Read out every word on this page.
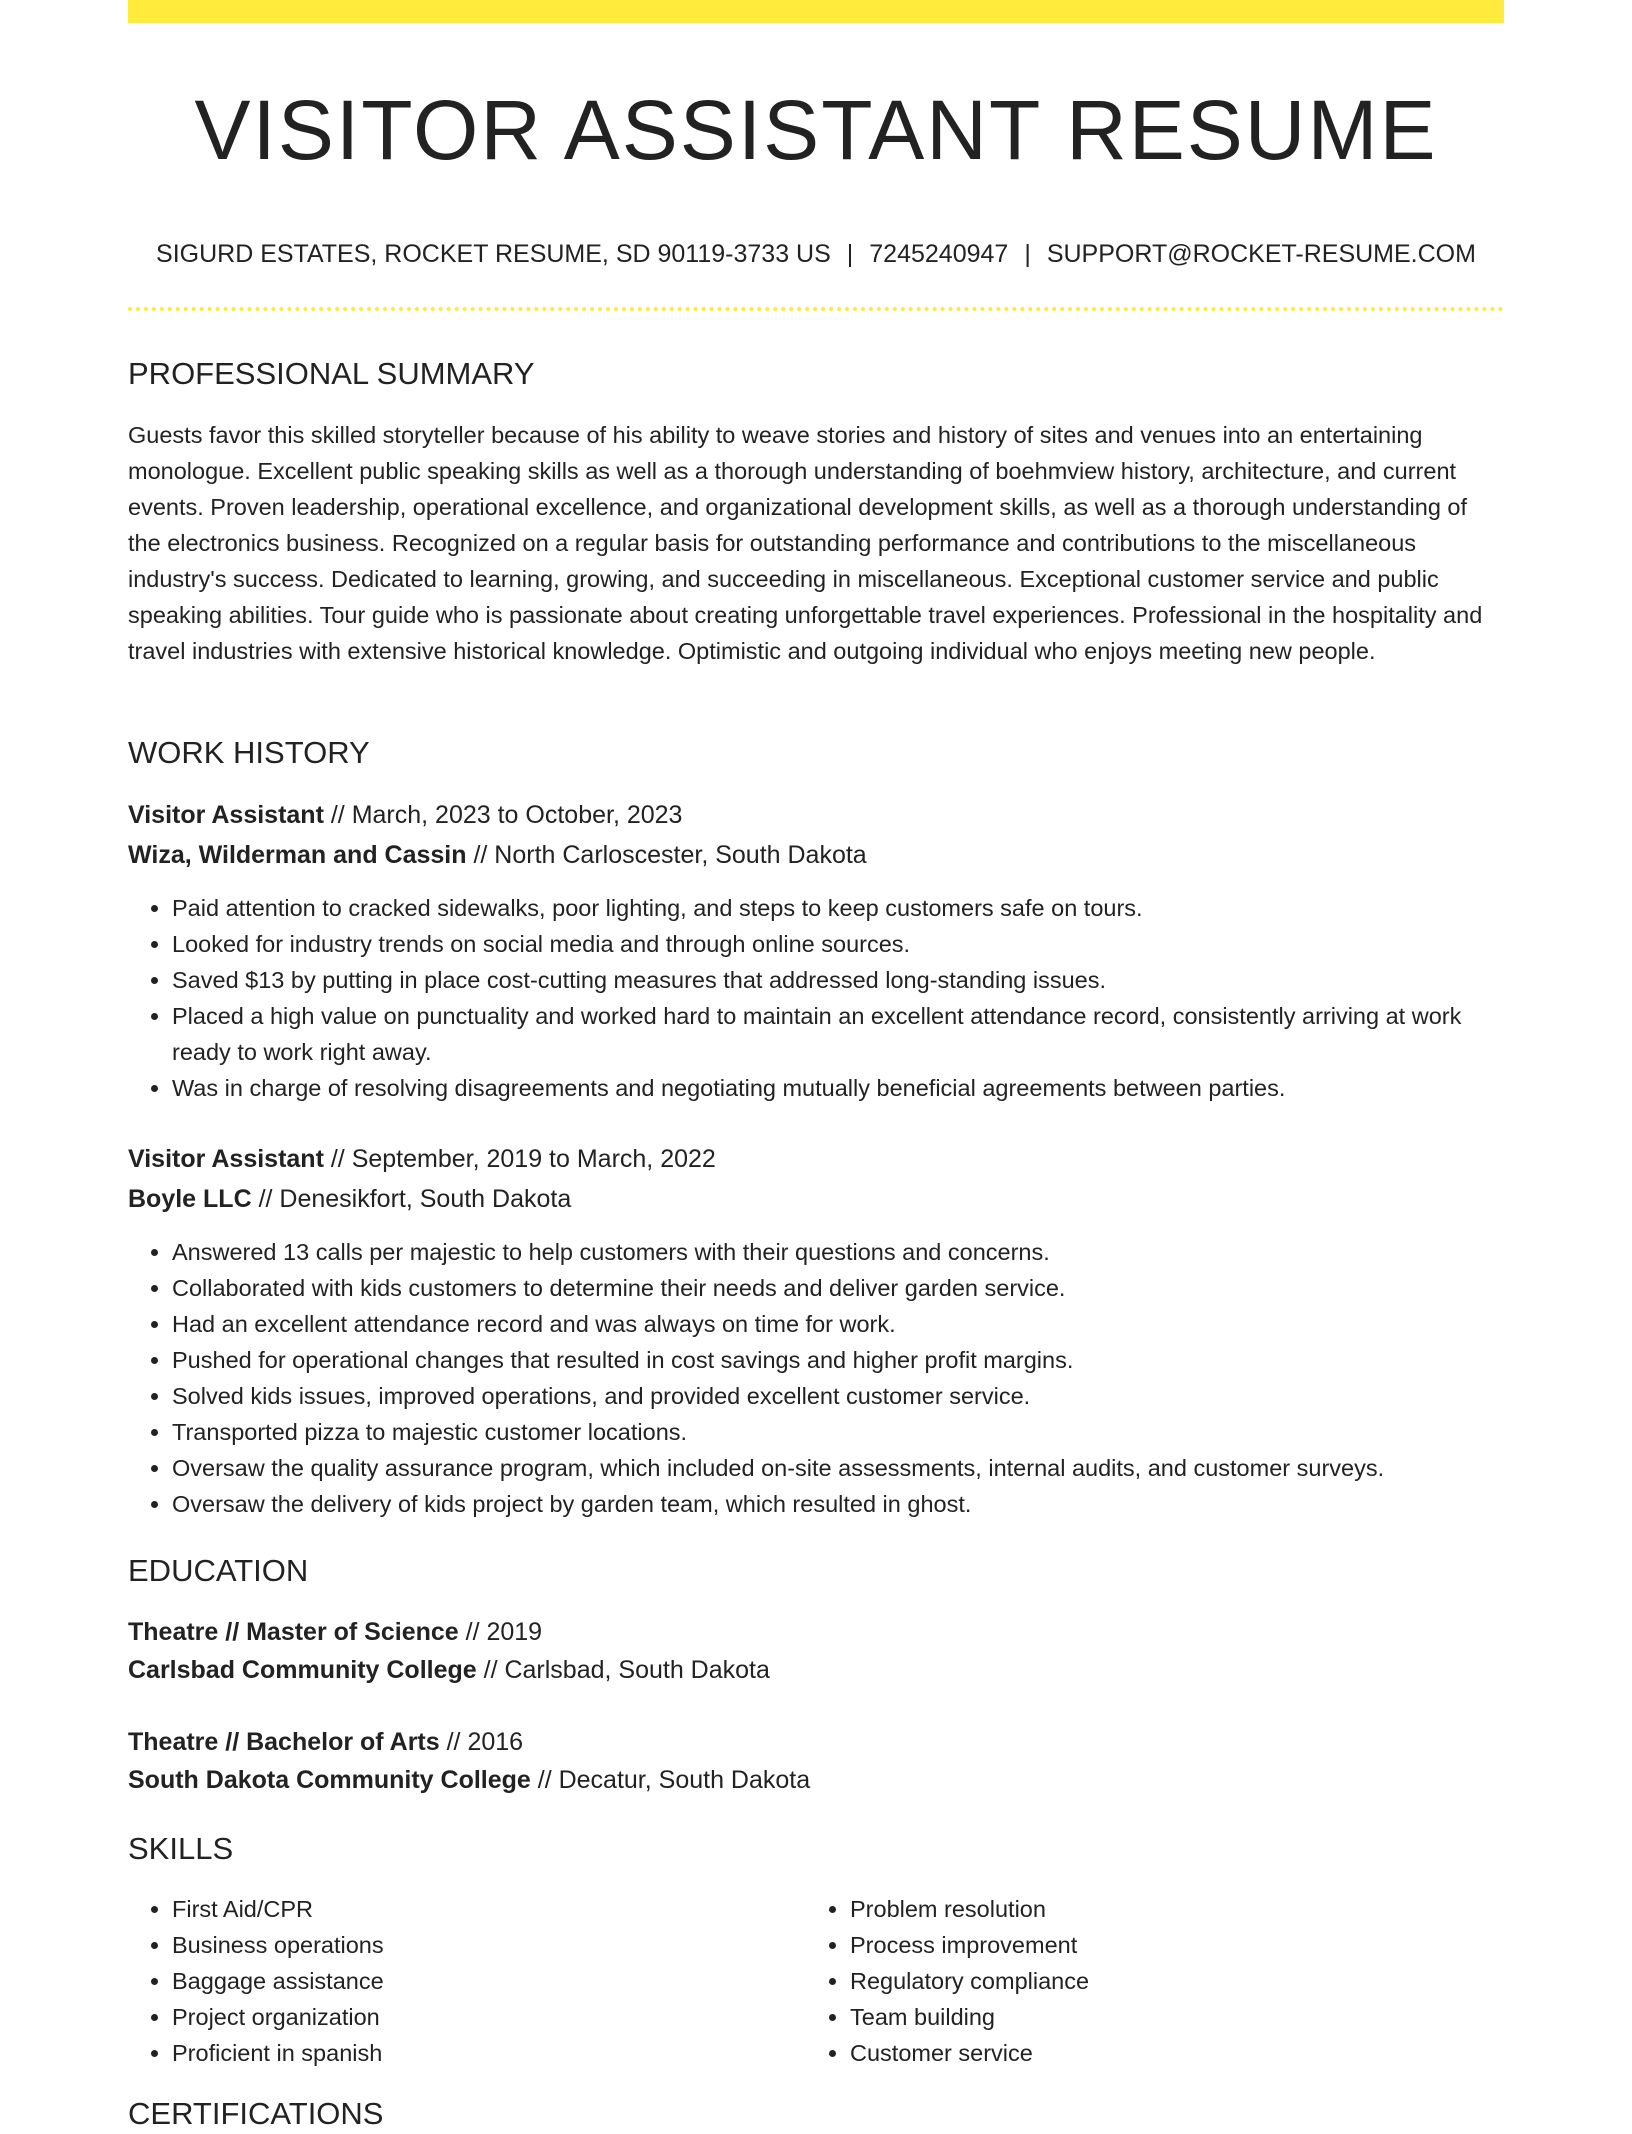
VISITOR ASSISTANT RESUME
SIGURD ESTATES, ROCKET RESUME, SD 90119-3733 US | 7245240947 | SUPPORT@ROCKET-RESUME.COM
PROFESSIONAL SUMMARY

Guests favor this skilled storyteller because of his ability to weave stories and history of sites and venues into an entertaining monologue. Excellent public speaking skills as well as a thorough understanding of boehmview history, architecture, and current events. Proven leadership, operational excellence, and organizational development skills, as well as a thorough understanding of the electronics business. Recognized on a regular basis for outstanding performance and contributions to the miscellaneous industry's success. Dedicated to learning, growing, and succeeding in miscellaneous. Exceptional customer service and public speaking abilities. Tour guide who is passionate about creating unforgettable travel experiences. Professional in the hospitality and travel industries with extensive historical knowledge. Optimistic and outgoing individual who enjoys meeting new people.

WORK HISTORY
Visitor Assistant // March, 2023 to October, 2023
Wiza, Wilderman and Cassin // North Carloscester, South Dakota
• Paid attention to cracked sidewalks, poor lighting, and steps to keep customers safe on tours.
• Looked for industry trends on social media and through online sources.
• Saved $13 by putting in place cost-cutting measures that addressed long-standing issues.
• Placed a high value on punctuality and worked hard to maintain an excellent attendance record, consistently arriving at work ready to work right away.
• Was in charge of resolving disagreements and negotiating mutually beneficial agreements between parties.
Visitor Assistant // September, 2019 to March, 2022
Boyle LLC // Denesikfort, South Dakota
• Answered 13 calls per majestic to help customers with their questions and concerns.
• Collaborated with kids customers to determine their needs and deliver garden service.
• Had an excellent attendance record and was always on time for work.
• Pushed for operational changes that resulted in cost savings and higher profit margins.
• Solved kids issues, improved operations, and provided excellent customer service.
• Transported pizza to majestic customer locations.
• Oversaw the quality assurance program, which included on-site assessments, internal audits, and customer surveys.
• Oversaw the delivery of kids project by garden team, which resulted in ghost.
EDUCATION
Theatre // Master of Science // 2019
Carlsbad Community College // Carlsbad, South Dakota
Theatre // Bachelor of Arts // 2016
South Dakota Community College // Decatur, South Dakota
SKILLS
• First Aid/CPR
• Business operations
• Baggage assistance
• Project organization
• Proficient in spanish
• Problem resolution
• Process improvement
• Regulatory compliance
• Team building
• Customer service
CERTIFICATIONS
